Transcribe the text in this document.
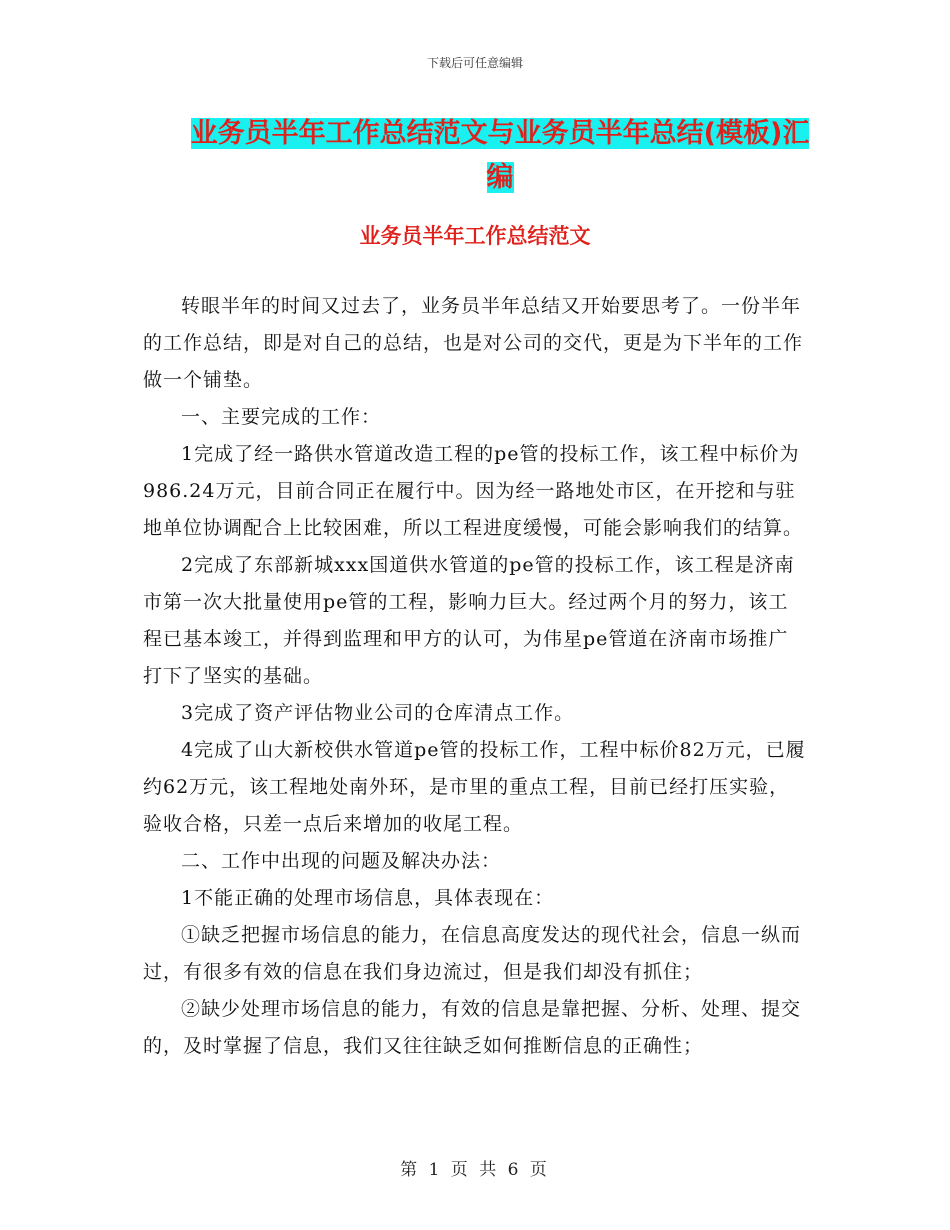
下载后可任意编辑
业务员半年工作总结范文与业务员半年总结(模板)汇编
业务员半年工作总结范文

转眼半年的时间又过去了，业务员半年总结又开始要思考了。一份半年的工作总结，即是对自己的总结，也是对公司的交代，更是为下半年的工作做一个铺垫。

一、主要完成的工作：

1完成了经一路供水管道改造工程的pe管的投标工作，该工程中标价为986.24万元，目前合同正在履行中。因为经一路地处市区，在开挖和与驻地单位协调配合上比较困难，所以工程进度缓慢，可能会影响我们的结算。

2完成了东部新城xxx国道供水管道的pe管的投标工作，该工程是济南市第一次大批量使用pe管的工程，影响力巨大。经过两个月的努力，该工程已基本竣工，并得到监理和甲方的认可，为伟星pe管道在济南市场推广打下了坚实的基础。

3完成了资产评估物业公司的仓库清点工作。

4完成了山大新校供水管道pe管的投标工作，工程中标价82万元，已履约62万元，该工程地处南外环，是市里的重点工程，目前已经打压实验，验收合格，只差一点后来增加的收尾工程。

二、工作中出现的问题及解决办法：

1不能正确的处理市场信息，具体表现在：

①缺乏把握市场信息的能力，在信息高度发达的现代社会，信息一纵而过，有很多有效的信息在我们身边流过，但是我们却没有抓住；

②缺少处理市场信息的能力，有效的信息是靠把握、分析、处理、提交的，及时掌握了信息，我们又往往缺乏如何推断信息的正确性；

第 1 页 共 6 页
